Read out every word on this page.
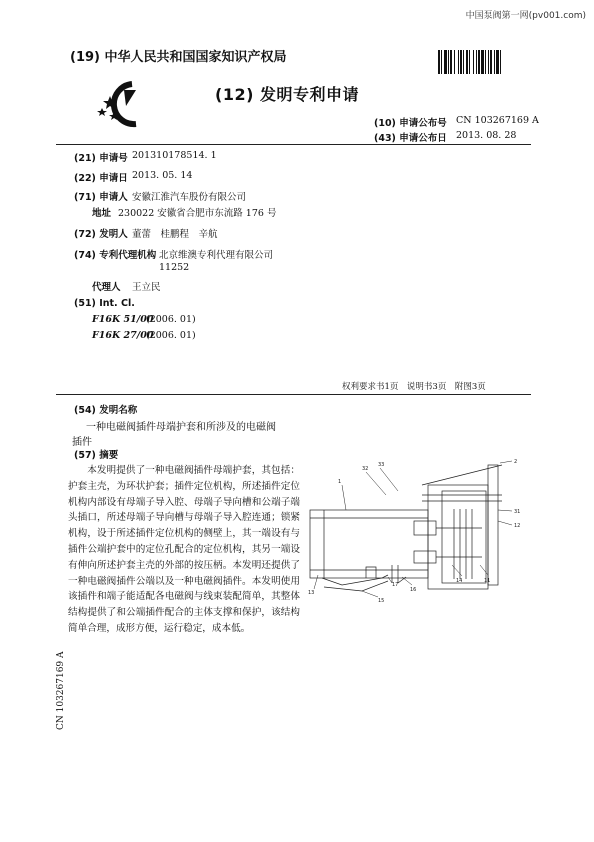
中国泵阀第一网(pv001.com)
(19) 中华人民共和国国家知识产权局
(12) 发明专利申请
(10) 申请公布号 CN 103267169 A
(43) 申请公布日 2013. 08. 28
(21) 申请号 201310178514. 1
(22) 申请日 2013. 05. 14
(71) 申请人 安徽江淮汽车股份有限公司
地址 230022 安徽省合肥市东流路 176 号
(72) 发明人 董蕾　桂鹏程　辛航
(74) 专利代理机构 北京维澳专利代理有限公司
11252
代理人 王立民
(51) Int. Cl.
F16K 51/00
(2006. 01)
F16K 27/00
(2006. 01)
权利要求书1页　说明书3页　附图3页
(54) 发明名称
一种电磁阀插件母端护套和所涉及的电磁阀
插件
(57) 摘要
本发明提供了一种电磁阀插件母端护套，其包括：护套主壳，为环状护套；插件定位机构，所述插件定位机构内部设有母端子导入腔、母端子导向槽和公端子端头插口，所述母端子导向槽与母端子导入腔连通；锁紧机构，设于所述插件定位机构的侧壁上，其一端设有与插件公端护套中的定位孔配合的定位机构，其另一端设有伸向所述护套主壳的外部的按压柄。本发明还提供了一种电磁阀插件公端以及一种电磁阀插件。本发明使用该插件和端子能适配各电磁阀与线束装配简单，其整体结构提供了和公端插件配合的主体支撑和保护，该结构简单合理，成形方便，运行稳定，成本低。
CN 103267169 A
32
33	2
1
31
12
11
14
16
17
15
13
